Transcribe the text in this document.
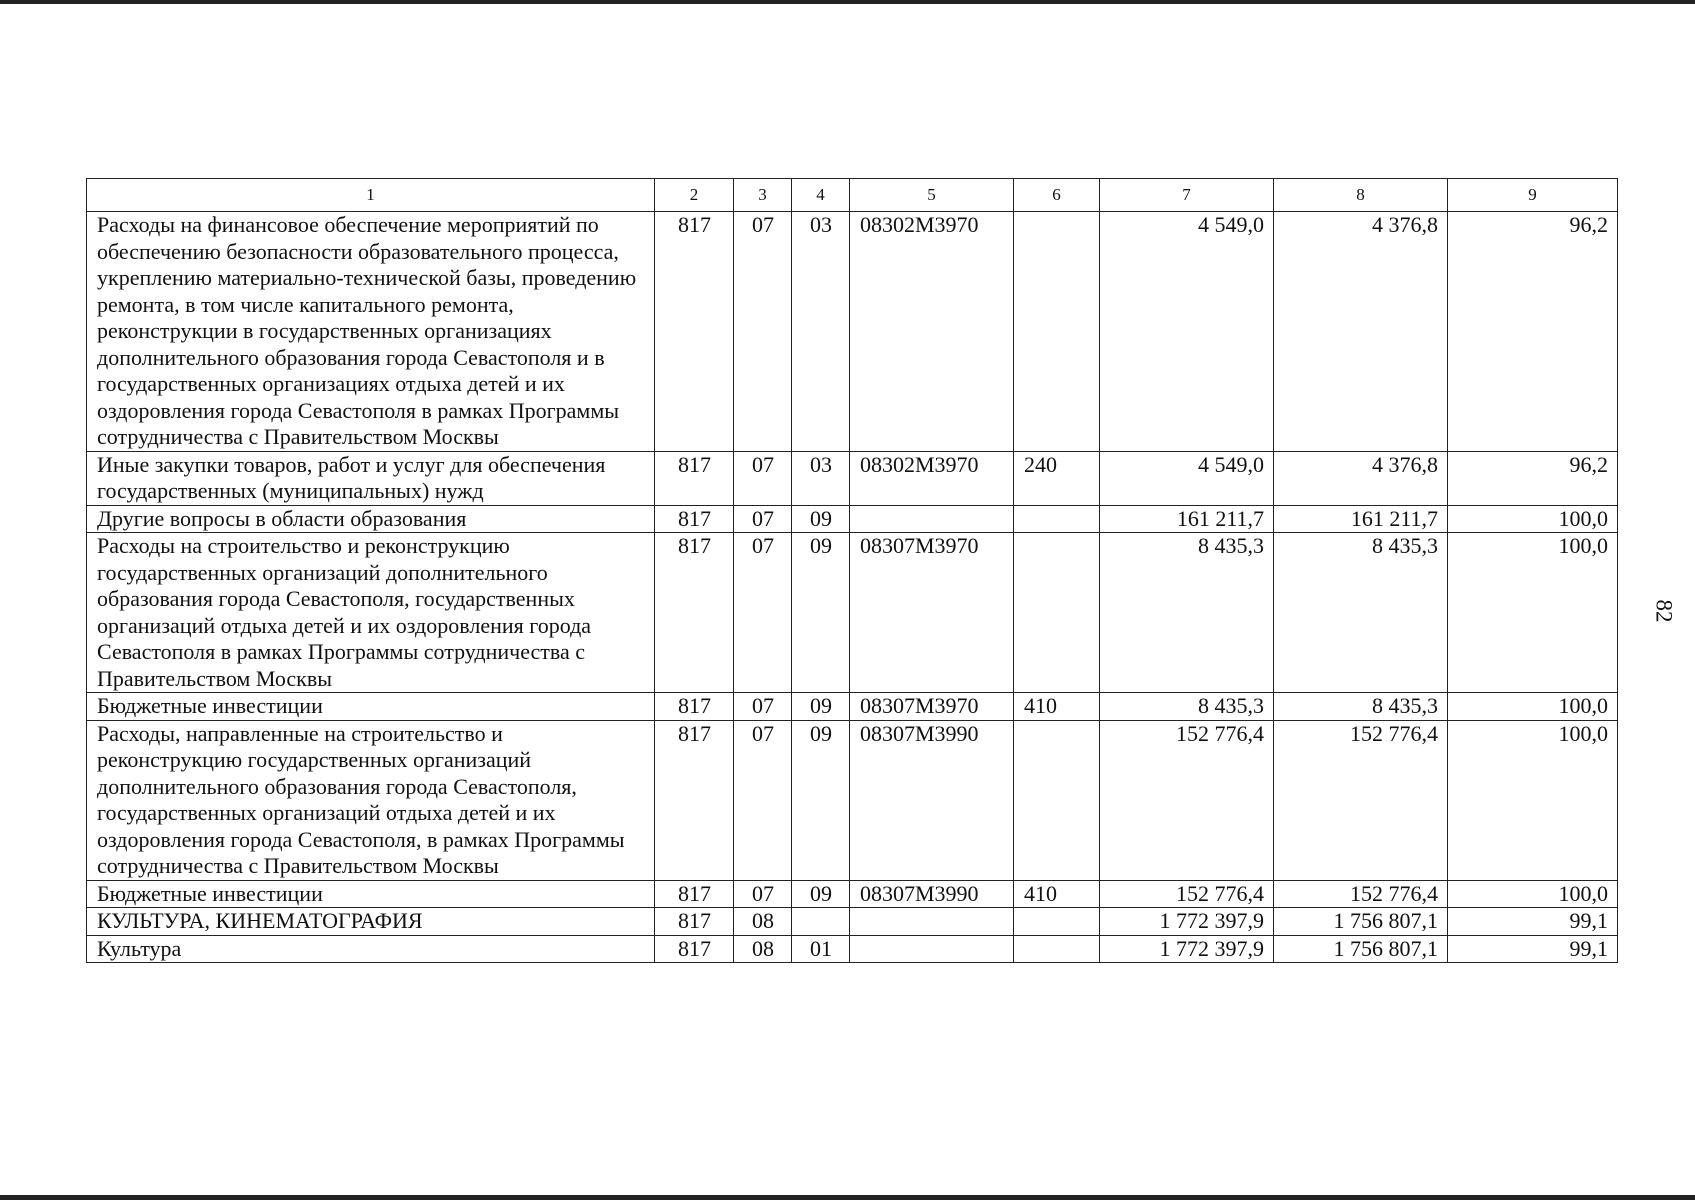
82
1	2	3	4	5	6	7	8	9
Расходы на финансовое обеспечение мероприятий по обеспечению безопасности образовательного процесса, укреплению материально-технической базы, проведению ремонта, в том числе капитального ремонта, реконструкции в государственных организациях дополнительного образования города Севастополя и в государственных организациях отдыха детей и их оздоровления города Севастополя в рамках Программы сотрудничества с Правительством Москвы	817	07	03	08302М3970		4 549,0	4 376,8	96,2
Иные закупки товаров, работ и услуг для обеспечения государственных (муниципальных) нужд	817	07	03	08302М3970	240	4 549,0	4 376,8	96,2
Другие вопросы в области образования	817	07	09			161 211,7	161 211,7	100,0
Расходы на строительство и реконструкцию государственных организаций дополнительного образования города Севастополя, государственных организаций отдыха детей и их оздоровления города Севастополя в рамках Программы сотрудничества с Правительством Москвы	817	07	09	08307М3970		8 435,3	8 435,3	100,0
Бюджетные инвестиции	817	07	09	08307М3970	410	8 435,3	8 435,3	100,0
Расходы, направленные на строительство и реконструкцию государственных организаций дополнительного образования города Севастополя, государственных организаций отдыха детей и их оздоровления города Севастополя, в рамках Программы сотрудничества с Правительством Москвы	817	07	09	08307М3990		152 776,4	152 776,4	100,0
Бюджетные инвестиции	817	07	09	08307М3990	410	152 776,4	152 776,4	100,0
КУЛЬТУРА, КИНЕМАТОГРАФИЯ	817	08				1 772 397,9	1 756 807,1	99,1
Культура	817	08	01			1 772 397,9	1 756 807,1	99,1
